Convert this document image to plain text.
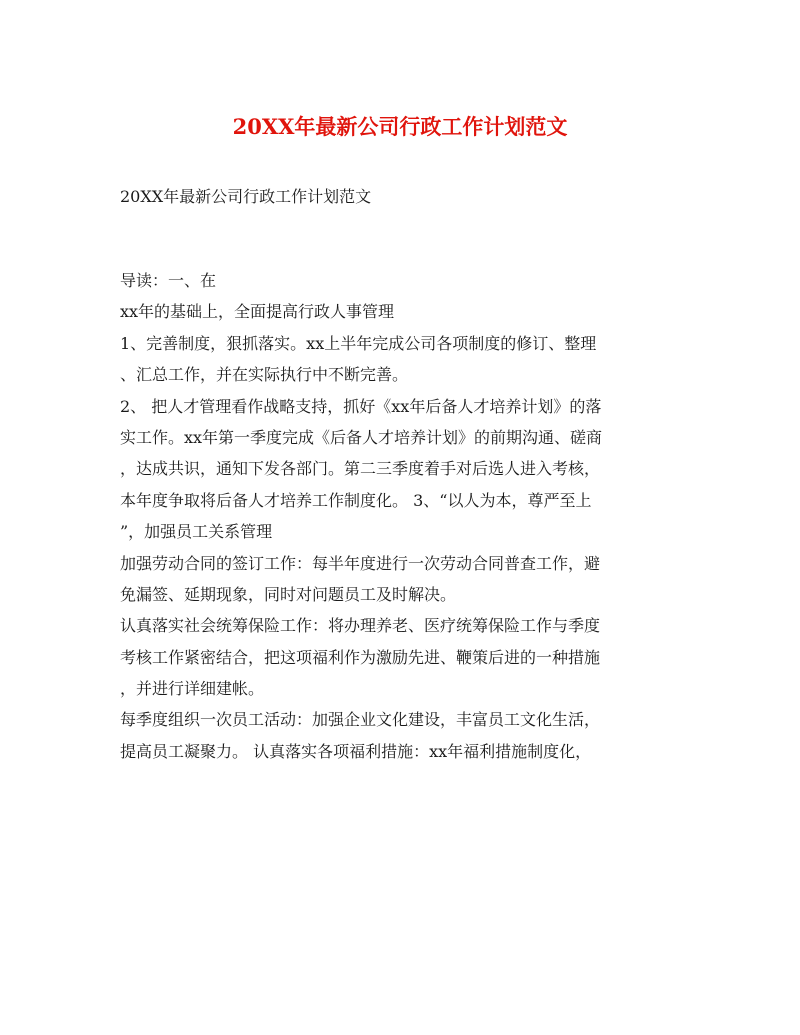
20XX年最新公司行政工作计划范文

20XX年最新公司行政工作计划范文

导读：一、在

xx年的基础上，全面提高行政人事管理

1、完善制度，狠抓落实。xx上半年完成公司各项制度的修订、整理

、汇总工作，并在实际执行中不断完善。

2、 把人才管理看作战略支持，抓好《xx年后备人才培养计划》的落

实工作。xx年第一季度完成《后备人才培养计划》的前期沟通、磋商

，达成共识，通知下发各部门。第二三季度着手对后选人进入考核，

本年度争取将后备人才培养工作制度化。 3、“以人为本，尊严至上

”，加强员工关系管理

加强劳动合同的签订工作：每半年度进行一次劳动合同普查工作，避

免漏签、延期现象，同时对问题员工及时解决。

认真落实社会统筹保险工作：将办理养老、医疗统筹保险工作与季度

考核工作紧密结合，把这项福利作为激励先进、鞭策后进的一种措施

，并进行详细建帐。

每季度组织一次员工活动：加强企业文化建设，丰富员工文化生活，

提高员工凝聚力。 认真落实各项福利措施：xx年福利措施制度化，
